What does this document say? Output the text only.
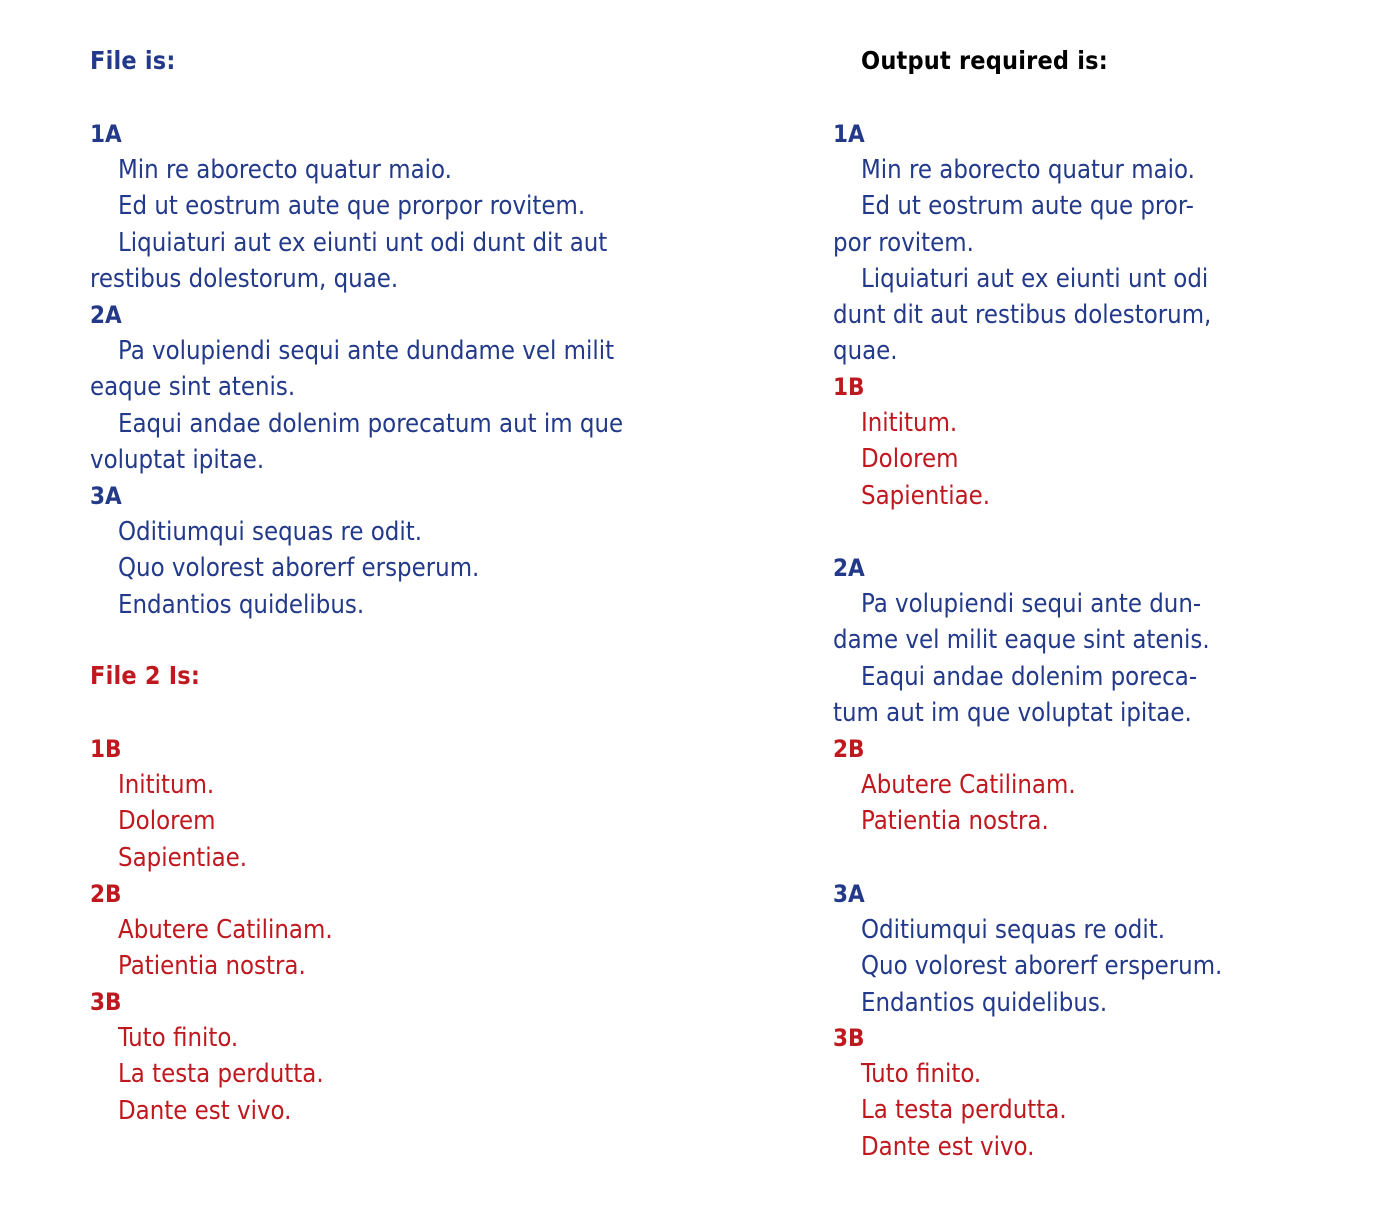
File is:
1A
Min re aborecto quatur maio.
Ed ut eostrum aute que prorpor rovitem.
Liquiaturi aut ex eiunti unt odi dunt dit aut
restibus dolestorum, quae.
2A
Pa volupiendi sequi ante dundame vel milit
eaque sint atenis.
Eaqui andae dolenim porecatum aut im que
voluptat ipitae.
3A
Oditiumqui sequas re odit.
Quo volorest aborerf ersperum.
Endantios quidelibus.
File 2 Is:
1B
Inititum.
Dolorem
Sapientiae.
2B
Abutere Catilinam.
Patientia nostra.
3B
Tuto finito.
La testa perdutta.
Dante est vivo.
Output required is:
1A
Min re aborecto quatur maio.
Ed ut eostrum aute que pror-
por rovitem.
Liquiaturi aut ex eiunti unt odi
dunt dit aut restibus dolestorum,
quae.
1B
Inititum.
Dolorem
Sapientiae.
2A
Pa volupiendi sequi ante dun-
dame vel milit eaque sint atenis.
Eaqui andae dolenim poreca-
tum aut im que voluptat ipitae.
2B
Abutere Catilinam.
Patientia nostra.
3A
Oditiumqui sequas re odit.
Quo volorest aborerf ersperum.
Endantios quidelibus.
3B
Tuto finito.
La testa perdutta.
Dante est vivo.
